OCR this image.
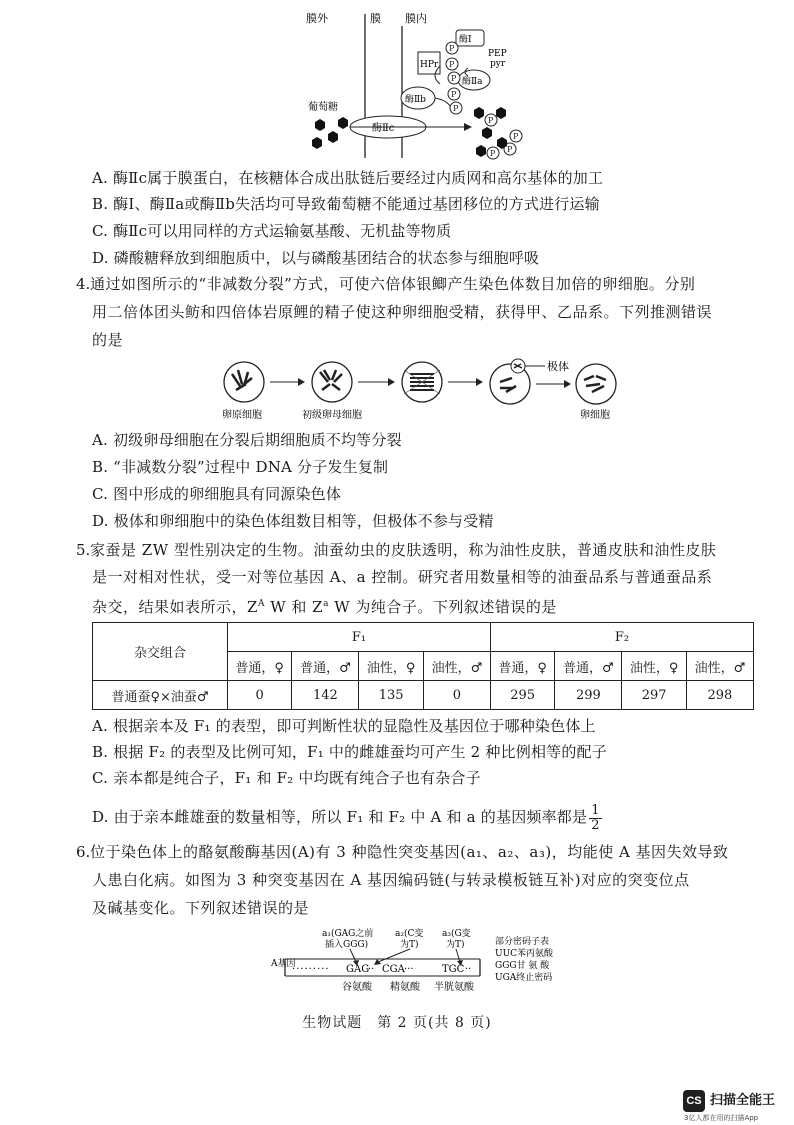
膜外	膜 膜内
HPr
酶Ⅰ
PEP
pyr
酶Ⅱa
酶Ⅱb
酶Ⅱc
P
P
P
P
P
P
P
P
P
葡萄糖
A. 酶Ⅱc属于膜蛋白，在核糖体合成出肽链后要经过内质网和高尔基体的加工
B. 酶Ⅰ、酶Ⅱa或酶Ⅱb失活均可导致葡萄糖不能通过基团移位的方式进行运输
C. 酶Ⅱc可以用同样的方式运输氨基酸、无机盐等物质
D. 磷酸糖释放到细胞质中，以与磷酸基团结合的状态参与细胞呼吸
4. 通过如图所示的“非减数分裂”方式，可使六倍体银鲫产生染色体数目加倍的卵细胞。分别
用二倍体团头鲂和四倍体岩原鲤的精子使这种卵细胞受精，获得甲、乙品系。下列推测错误
的是
极体
卵原细胞	初级卵母细胞	卵细胞
A. 初级卵母细胞在分裂后期细胞质不均等分裂
B. “非减数分裂”过程中 DNA 分子发生复制
C. 图中形成的卵细胞具有同源染色体
D. 极体和卵细胞中的染色体组数目相等，但极体不参与受精
5. 家蚕是 ZW 型性别决定的生物。油蚕幼虫的皮肤透明，称为油性皮肤，普通皮肤和油性皮肤
是一对相对性状，受一对等位基因 A、a 控制。研究者用数量相等的油蚕品系与普通蚕品系
杂交，结果如表所示，$Z^A$ W 和 $Z^a$ W 为纯合子。下列叙述错误的是
杂交组合	F₁				F₂			
	普通，♀	普通，♂	油性，♀	油性，♂	普通，♀	普通，♂	油性，♀	油性，♂
普通蚕♀×油蚕♂	0	142	135	0	295	299	297	298
A. 根据亲本及 F₁ 的表型，即可判断性状的显隐性及基因位于哪种染色体上
B. 根据 F₂ 的表型及比例可知，F₁ 中的雌雄蚕均可产生 2 种比例相等的配子
C. 亲本都是纯合子，F₁ 和 F₂ 中均既有纯合子也有杂合子
D. 由于亲本雌雄蚕的数量相等，所以 F₁ 和 F₂ 中 A 和 a 的基因频率都是 $\frac{1}{2}$
6. 位于染色体上的酪氨酸酶基因(A)有 3 种隐性突变基因(a₁、a₂、a₃)，均能使 A 基因失效导致
人患白化病。如图为 3 种突变基因在 A 基因编码链(与转录模板链互补)对应的突变位点
及碱基变化。下列叙述错误的是
a₁(GAG之前
插入GGG)
a₂(C变
为T)
a₃(G变
为T)
A基因
········· GAG
·· CGA ···	TGC ··
谷氨酸 精氨酸 半胱氨酸
部分密码子表
UUC苯丙氨酸
GGG甘 氨 酸
UGA终止密码
生物试题　第 2 页(共 8 页)
CS 扫描全能王
3亿人都在用的扫描App
